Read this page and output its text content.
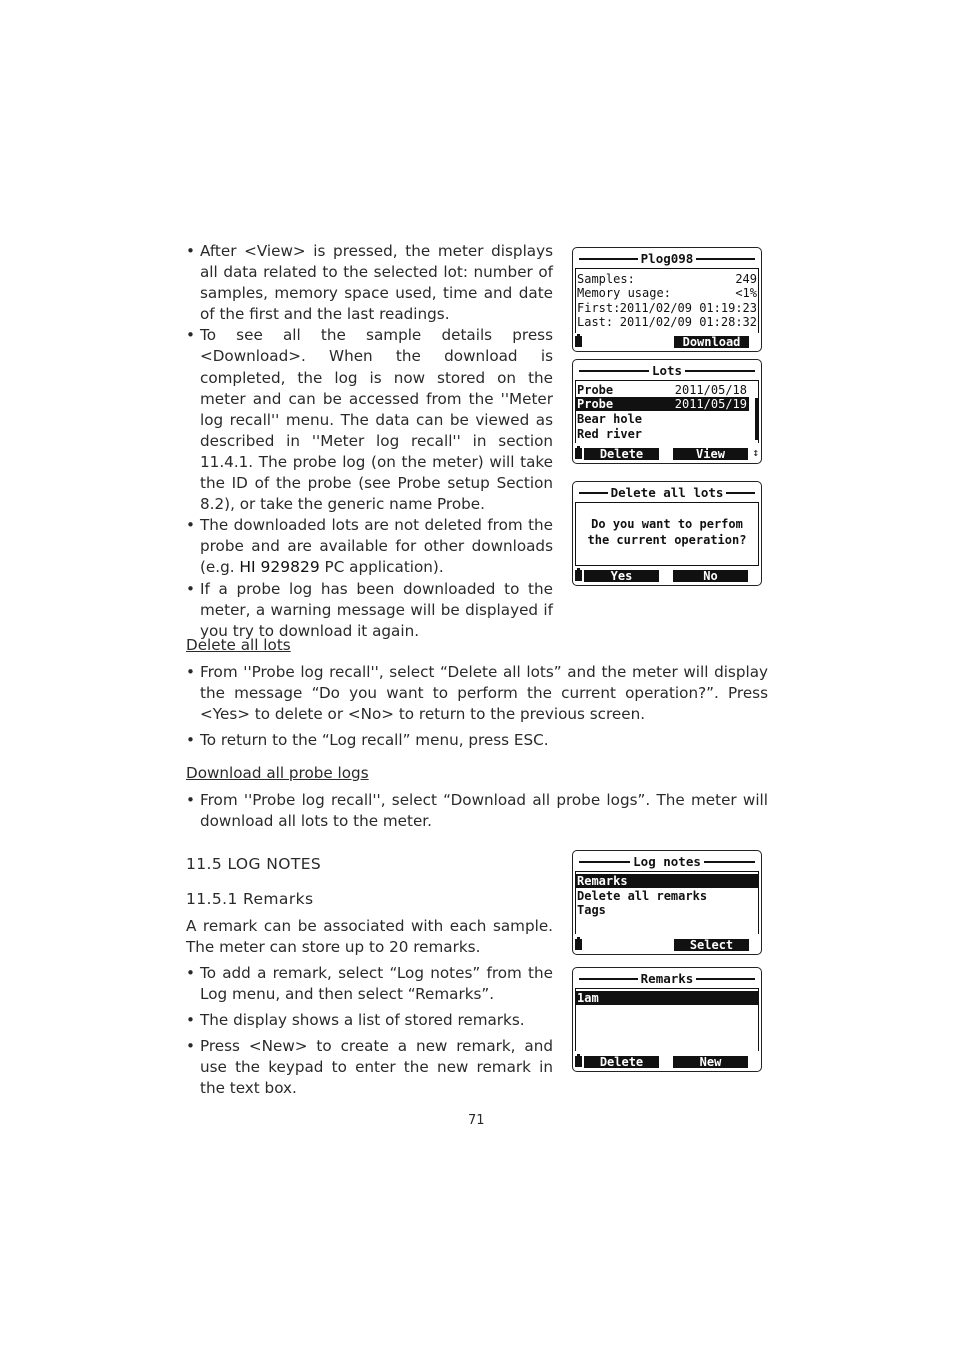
• After <View> is pressed, the meter displays all data related to the selected lot: number of samples, memory space used, time and date of the first and the last readings.
• To see all the sample details press <Download>. When the download is completed, the log is now stored on the meter and can be accessed from the ''Meter log recall'' menu. The data can be viewed as described in ''Meter log recall'' in section 11.4.1. The probe log (on the meter) will take the ID of the probe (see Probe setup Section 8.2), or take the generic name Probe.
• The downloaded lots are not deleted from the probe and are available for other downloads (e.g. HI 929829 PC application).
• If a probe log has been downloaded to the meter, a warning message will be displayed if you try to download it again.
Delete all lots
• From ''Probe log recall'', select “Delete all lots” and the meter will display the message “Do you want to perform the current operation?”. Press <Yes> to delete or <No> to return to the previous screen.
• To return to the “Log recall” menu, press ESC.
Download all probe logs
• From ''Probe log recall'', select “Download all probe logs”. The meter will download all lots to the meter.
11.5 LOG NOTES
11.5.1 Remarks
A remark can be associated with each sample. The meter can store up to 20 remarks.
• To add a remark, select “Log notes” from the Log menu, and then select “Remarks”.
• The display shows a list of stored remarks.
• Press <New> to create a new remark, and use the keypad to enter the new remark in the text box.
71
Plog098
Samples:	249
Memory usage:	<1%
First: 2011/02/09 01:19:23
Last: 2011/02/09 01:28:32
Download
Lots
Probe	2011/05/18
Probe	2011/05/19
Bear hole
Red river
Delete	View	↕
Delete all lots
Do you want to perfom
the current operation?
Yes	No
Log notes
Remarks
Delete all remarks
Tags
Select
Remarks
1am
Delete	New
